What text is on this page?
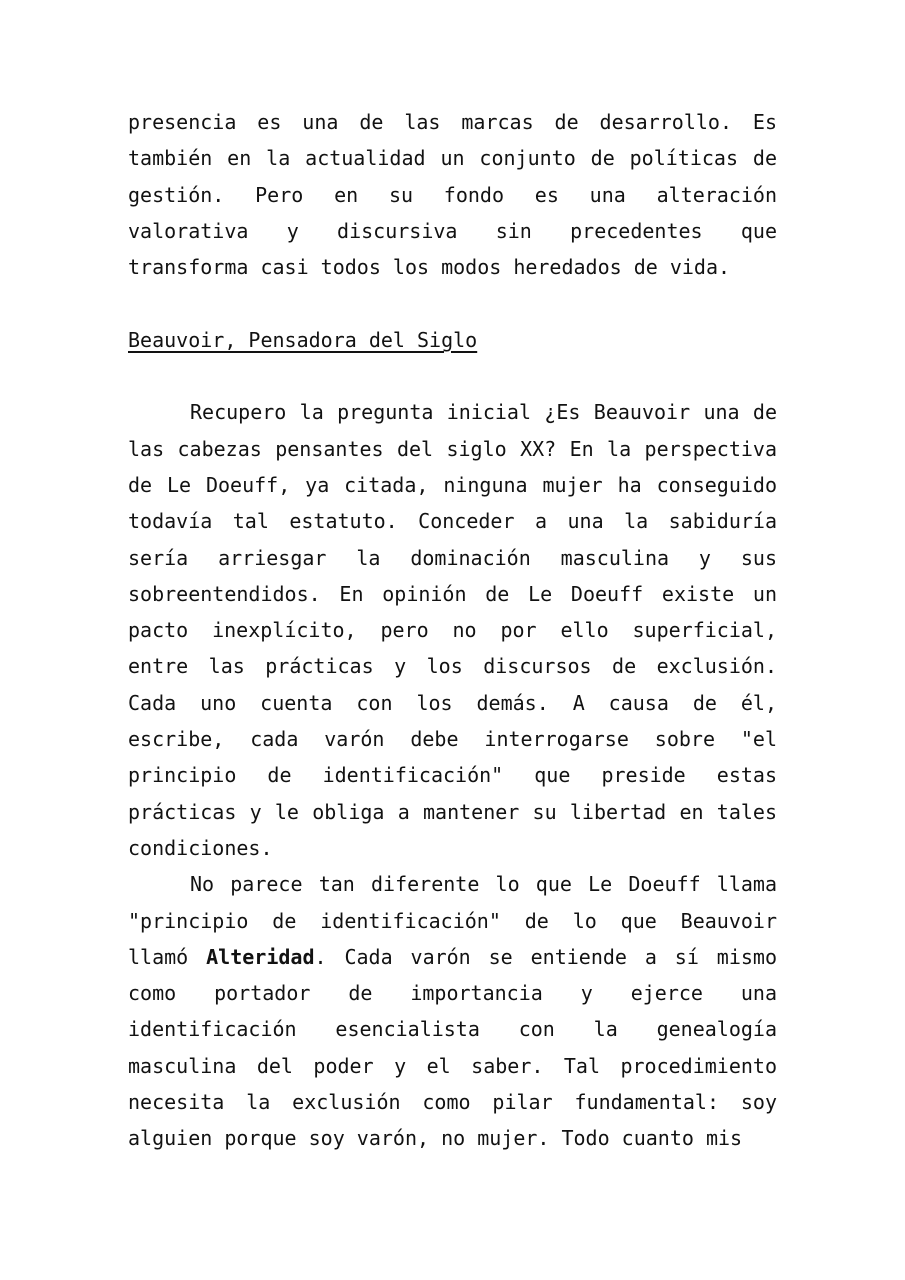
presencia es una de las marcas de desarrollo. Es también en la actualidad un conjunto de políticas de gestión. Pero en su fondo es una alteración valorativa y discursiva sin precedentes que transforma casi todos los modos heredados de vida.

Beauvoir, Pensadora del Siglo

Recupero la pregunta inicial ¿Es Beauvoir una de las cabezas pensantes del siglo XX? En la perspectiva de Le Doeuff, ya citada, ninguna mujer ha conseguido todavía tal estatuto. Conceder a una la sabiduría sería arriesgar la dominación masculina y sus sobreentendidos. En opinión de Le Doeuff existe un pacto inexplícito, pero no por ello superficial, entre las prácticas y los discursos de exclusión. Cada uno cuenta con los demás. A causa de él, escribe, cada varón debe interrogarse sobre "el principio de identificación" que preside estas prácticas y le obliga a mantener su libertad en tales condiciones.

No parece tan diferente lo que Le Doeuff llama "principio de identificación" de lo que Beauvoir llamó Alteridad. Cada varón se entiende a sí mismo como portador de importancia y ejerce una identificación esencialista con la genealogía masculina del poder y el saber. Tal procedimiento necesita la exclusión como pilar fundamental: soy alguien porque soy varón, no mujer. Todo cuanto mis
